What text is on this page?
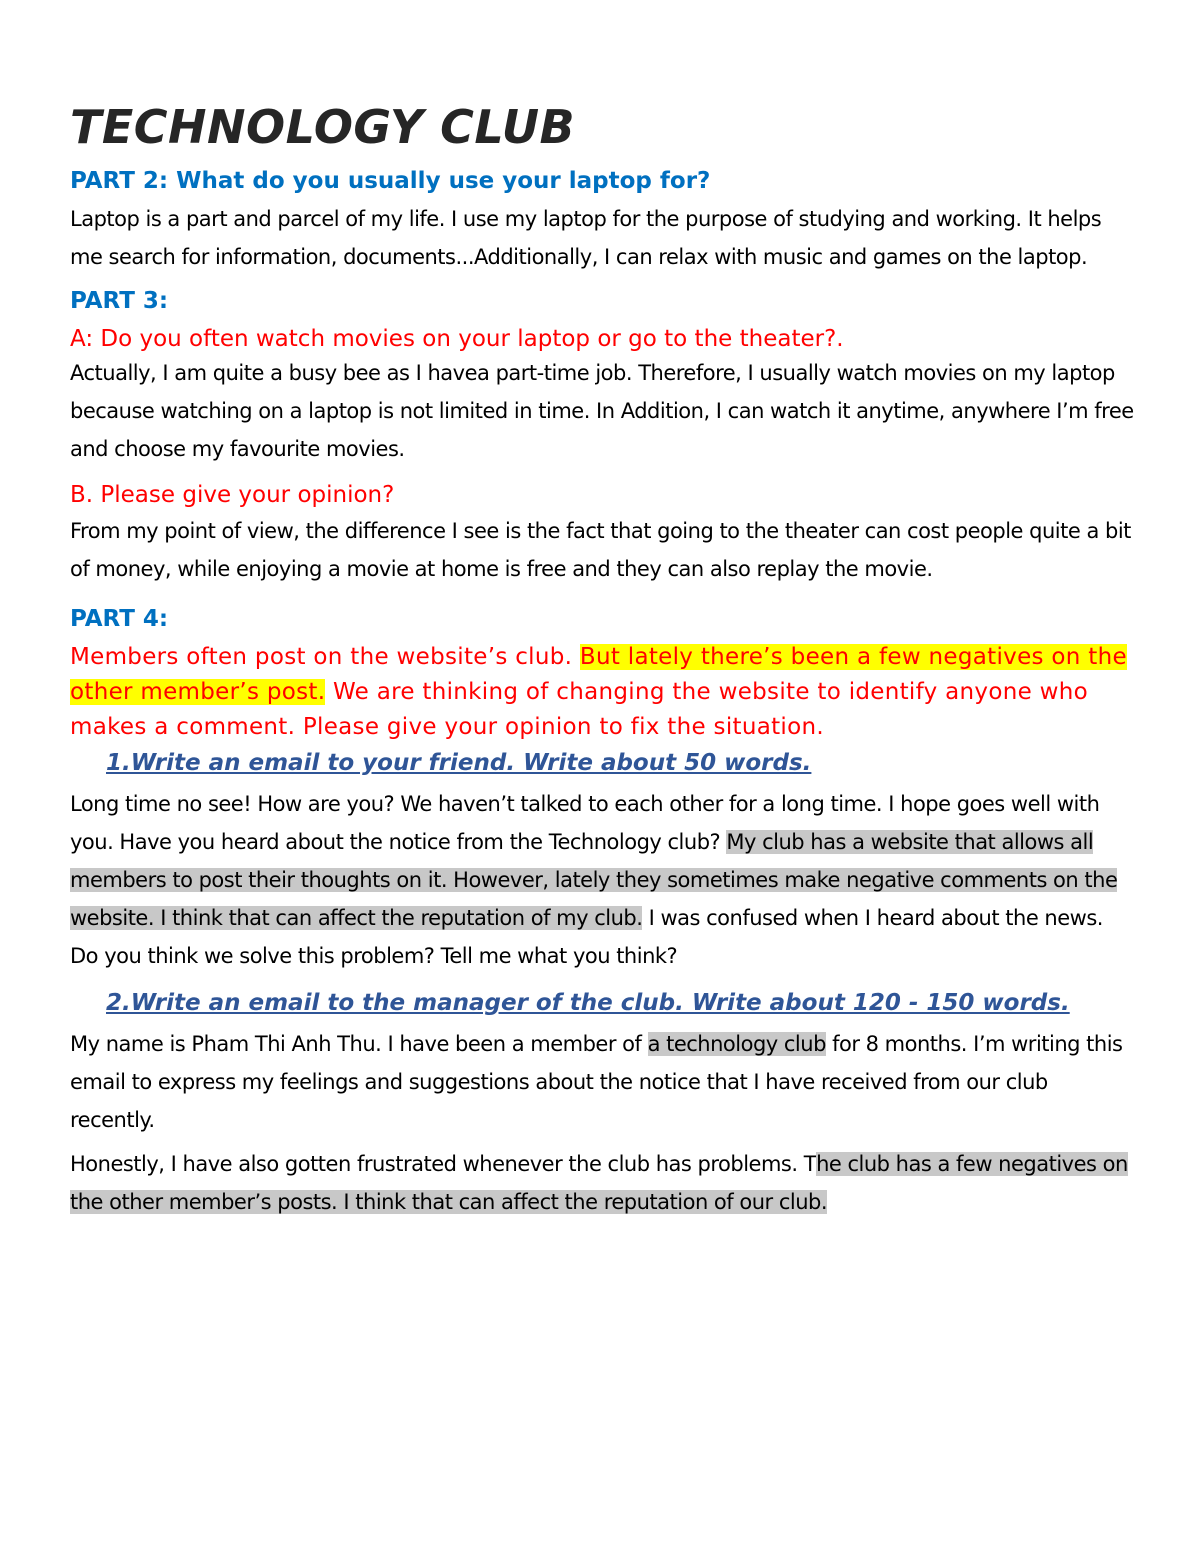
TECHNOLOGY CLUB

PART 2: What do you usually use your laptop for?

Laptop is a part and parcel of my life. I use my laptop for the purpose of studying and working. It helps me search for information, documents...Additionally, I can relax with music and games on the laptop.

PART 3:

A: Do you often watch movies on your laptop or go to the theater?.

Actually, I am quite a busy bee as I havea part-time job. Therefore, I usually watch movies on my laptop because watching on a laptop is not limited in time. In Addition, I can watch it anytime, anywhere I’m free and choose my favourite movies.

B. Please give your opinion?

From my point of view, the difference I see is the fact that going to the theater can cost people quite a bit of money, while enjoying a movie at home is free and they can also replay the movie.

PART 4:

Members often post on the website’s club. But lately there’s been a few negatives on the other member’s post. We are thinking of changing the website to identify anyone who makes a comment. Please give your opinion to fix the situation.

1.Write an email to your friend. Write about 50 words.

Long time no see! How are you? We haven’t talked to each other for a long time. I hope goes well with you. Have you heard about the notice from the Technology club? My club has a website that allows all members to post their thoughts on it. However, lately they sometimes make negative comments on the website. I think that can affect the reputation of my club. I was confused when I heard about the news. Do you think we solve this problem? Tell me what you think?

2.Write an email to the manager of the club. Write about 120 - 150 words.

My name is Pham Thi Anh Thu. I have been a member of a technology club for 8 months. I’m writing this email to express my feelings and suggestions about the notice that I have received from our club recently.

Honestly, I have also gotten frustrated whenever the club has problems. The club has a few negatives on the other member’s posts. I think that can affect the reputation of our club.
